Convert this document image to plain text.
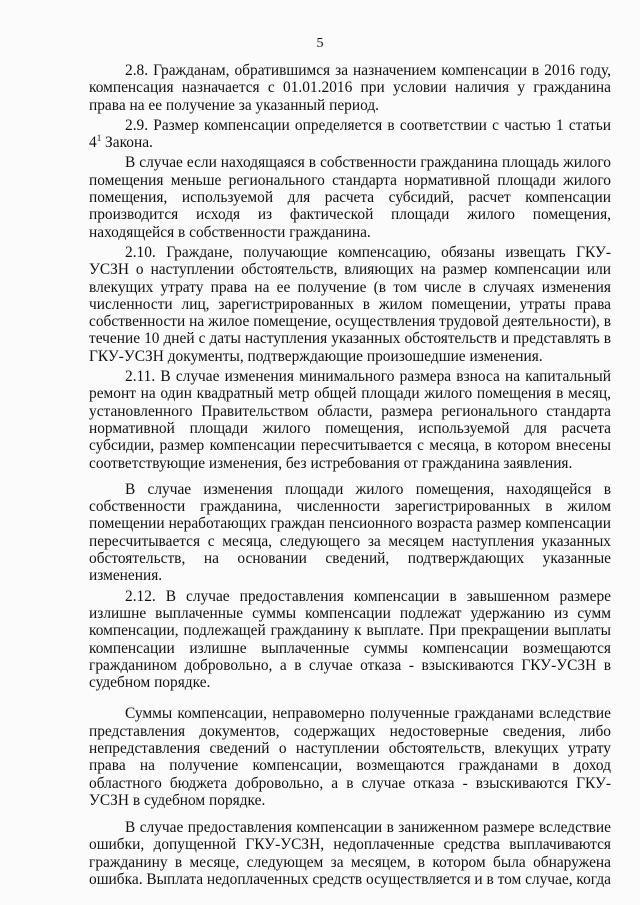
5

2.8. Гражданам, обратившимся за назначением компенсации в 2016 году, компенсация назначается с 01.01.2016 при условии наличия у гражданина права на ее получение за указанный период.

2.9. Размер компенсации определяется в соответствии с частью 1 статьи $4^1$ Закона.

В случае если находящаяся в собственности гражданина площадь жилого помещения меньше регионального стандарта нормативной площади жилого помещения, используемой для расчета субсидий, расчет компенсации производится исходя из фактической площади жилого помещения, находящейся в собственности гражданина.

2.10. Граждане, получающие компенсацию, обязаны извещать ГКУ-УСЗН о наступлении обстоятельств, влияющих на размер компенсации или влекущих утрату права на ее получение (в том числе в случаях изменения численности лиц, зарегистрированных в жилом помещении, утраты права собственности на жилое помещение, осуществления трудовой деятельности), в течение 10 дней с даты наступления указанных обстоятельств и представлять в ГКУ-УСЗН документы, подтверждающие произошедшие изменения.

2.11. В случае изменения минимального размера взноса на капитальный ремонт на один квадратный метр общей площади жилого помещения в месяц, установленного Правительством области, размера регионального стандарта нормативной площади жилого помещения, используемой для расчета субсидии, размер компенсации пересчитывается с месяца, в котором внесены соответствующие изменения, без истребования от гражданина заявления.

В случае изменения площади жилого помещения, находящейся в собственности гражданина, численности зарегистрированных в жилом помещении неработающих граждан пенсионного возраста размер компенсации пересчитывается с месяца, следующего за месяцем наступления указанных обстоятельств, на основании сведений, подтверждающих указанные изменения.

2.12. В случае предоставления компенсации в завышенном размере излишне выплаченные суммы компенсации подлежат удержанию из сумм компенсации, подлежащей гражданину к выплате. При прекращении выплаты компенсации излишне выплаченные суммы компенсации возмещаются гражданином добровольно, а в случае отказа - взыскиваются ГКУ-УСЗН в судебном порядке.

Суммы компенсации, неправомерно полученные гражданами вследствие представления документов, содержащих недостоверные сведения, либо непредставления сведений о наступлении обстоятельств, влекущих утрату права на получение компенсации, возмещаются гражданами в доход областного бюджета добровольно, а в случае отказа - взыскиваются ГКУ-УСЗН в судебном порядке.

В случае предоставления компенсации в заниженном размере вследствие ошибки, допущенной ГКУ-УСЗН, недоплаченные средства выплачиваются гражданину в месяце, следующем за месяцем, в котором была обнаружена ошибка. Выплата недоплаченных средств осуществляется и в том случае, когда
